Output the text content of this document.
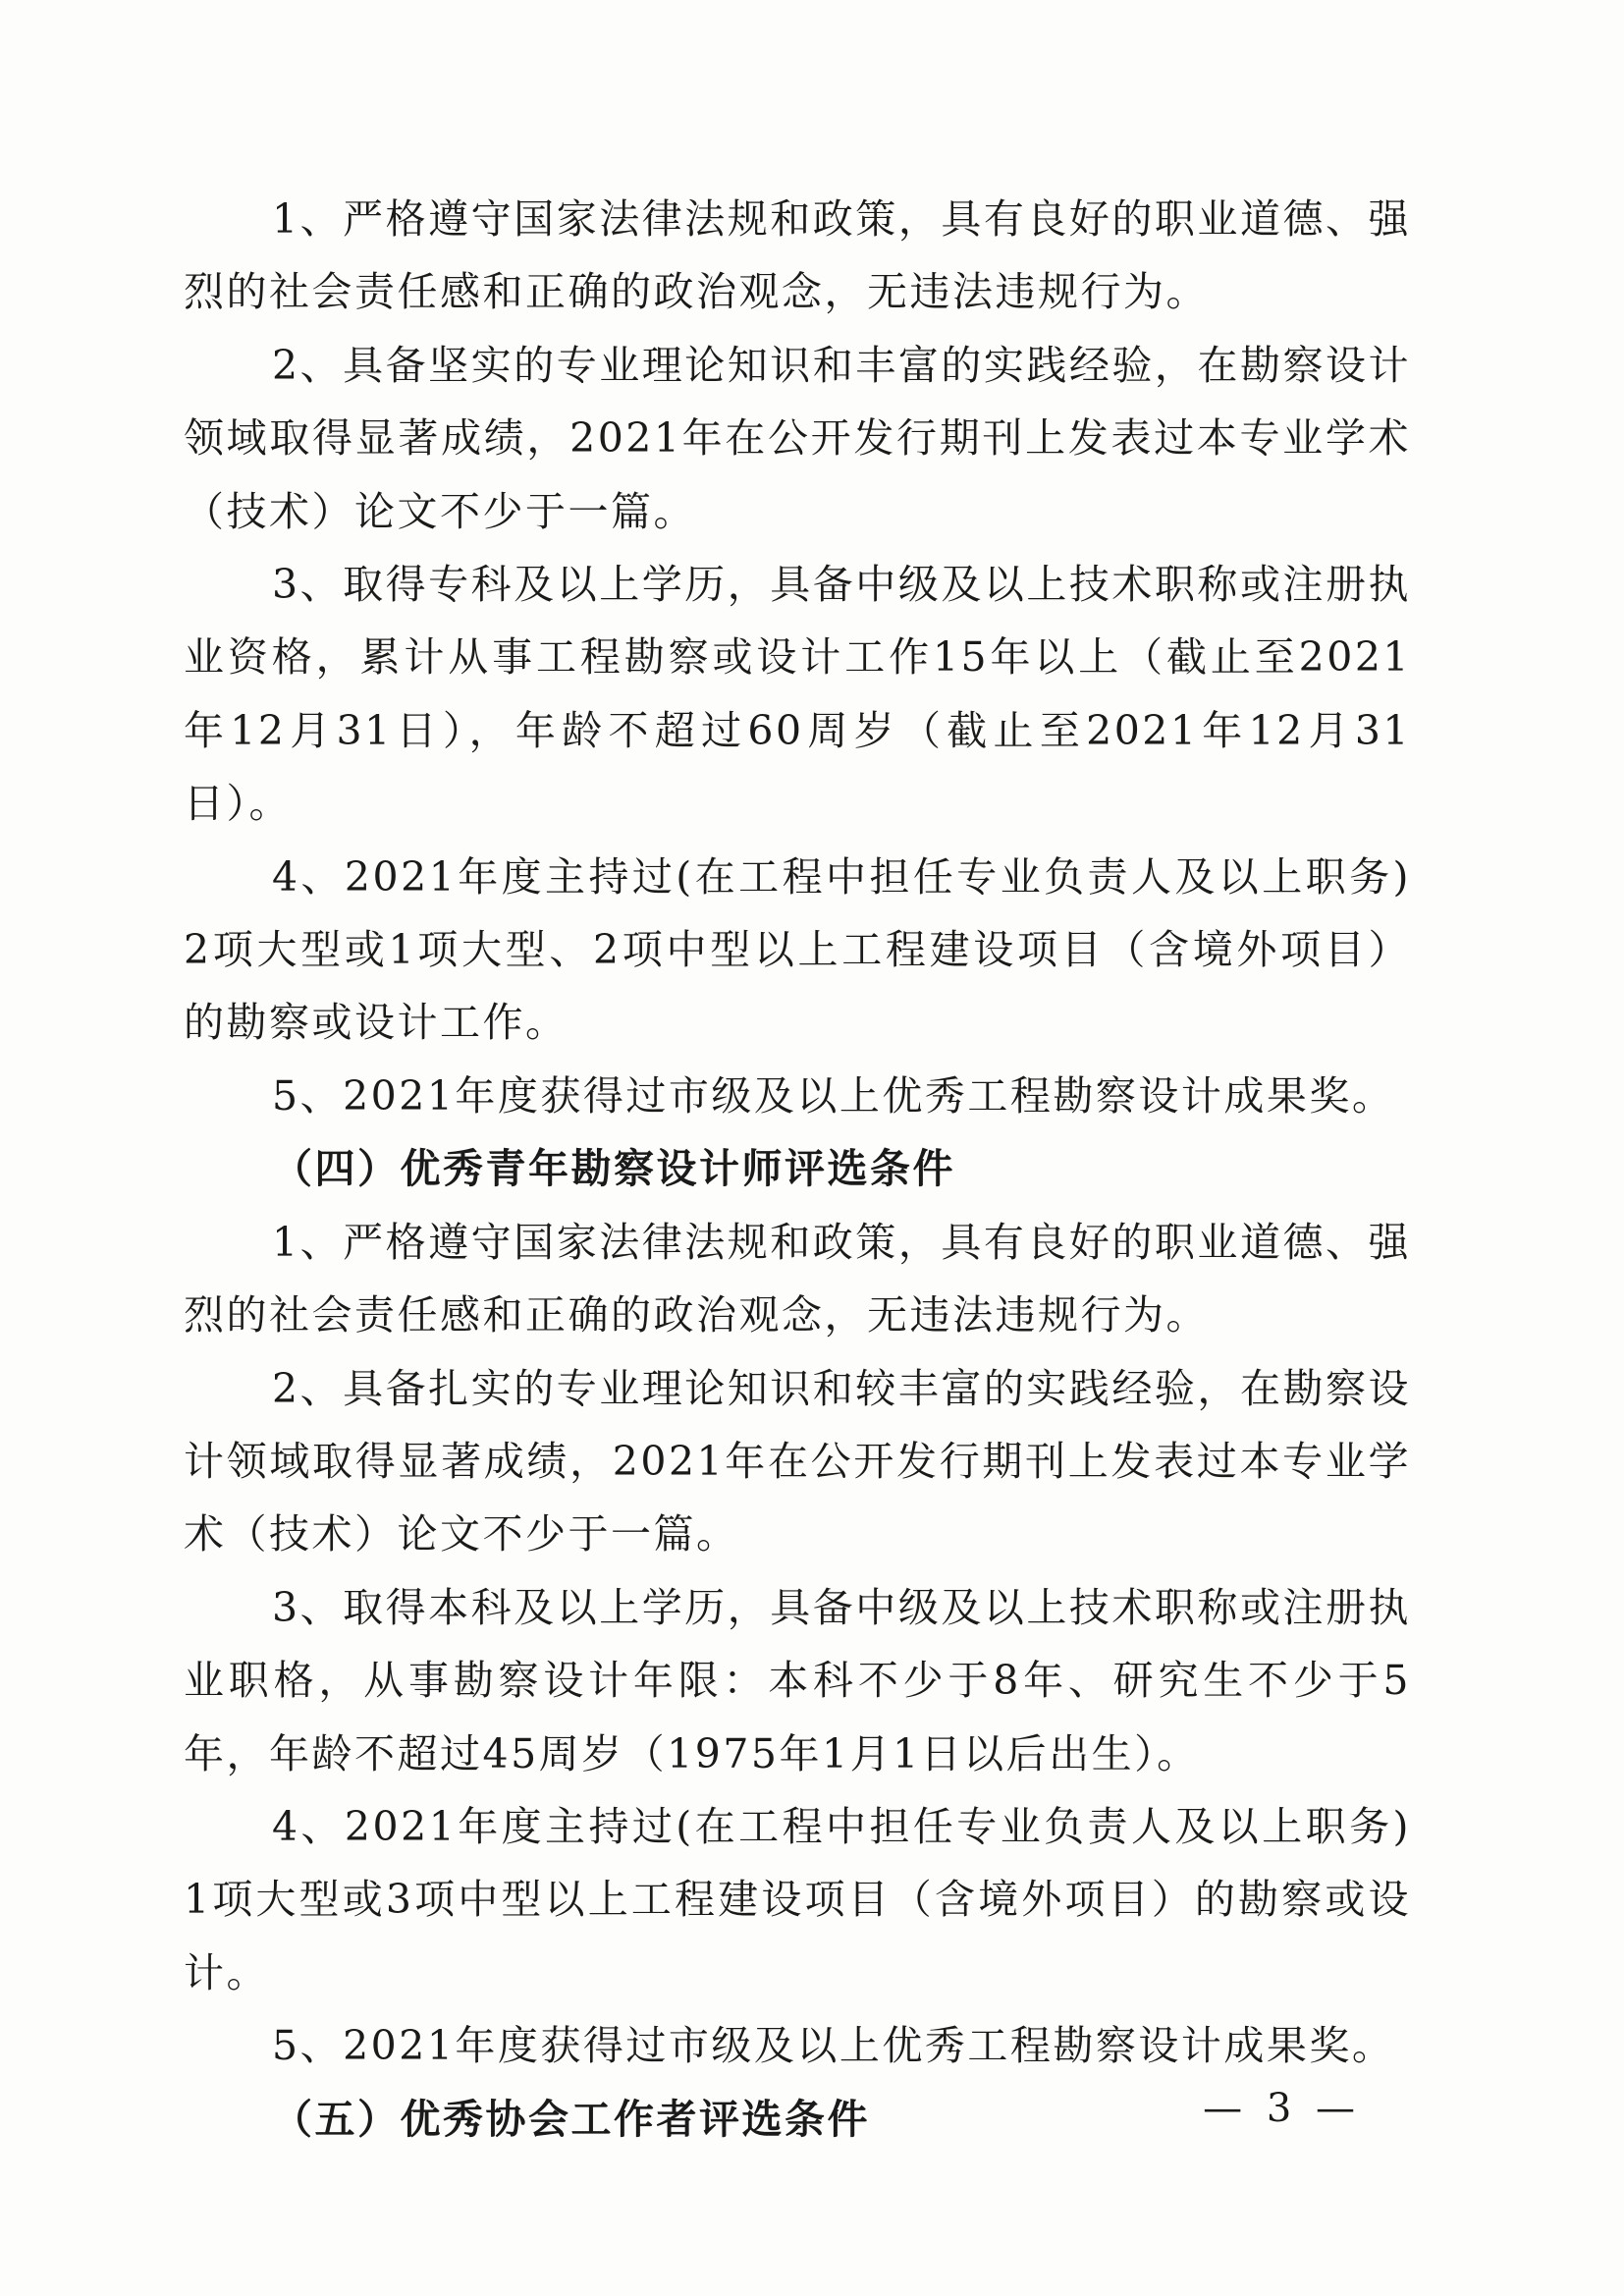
1、严格遵守国家法律法规和政策，具有良好的职业道德、强烈的社会责任感和正确的政治观念，无违法违规行为。

2、具备坚实的专业理论知识和丰富的实践经验，在勘察设计领域取得显著成绩，2021年在公开发行期刊上发表过本专业学术（技术）论文不少于一篇。

3、取得专科及以上学历，具备中级及以上技术职称或注册执业资格，累计从事工程勘察或设计工作15年以上（截止至2021年12月31日），年龄不超过60周岁（截止至2021年12月31日）。

4、2021年度主持过(在工程中担任专业负责人及以上职务)2项大型或1项大型、2项中型以上工程建设项目（含境外项目）的勘察或设计工作。

5、2021年度获得过市级及以上优秀工程勘察设计成果奖。

（四）优秀青年勘察设计师评选条件

1、严格遵守国家法律法规和政策，具有良好的职业道德、强烈的社会责任感和正确的政治观念，无违法违规行为。

2、具备扎实的专业理论知识和较丰富的实践经验，在勘察设计领域取得显著成绩，2021年在公开发行期刊上发表过本专业学术（技术）论文不少于一篇。

3、取得本科及以上学历，具备中级及以上技术职称或注册执业职格，从事勘察设计年限：本科不少于8年、研究生不少于5年，年龄不超过45周岁（1975年1月1日以后出生）。

4、2021年度主持过(在工程中担任专业负责人及以上职务)1项大型或3项中型以上工程建设项目（含境外项目）的勘察或设计。

5、2021年度获得过市级及以上优秀工程勘察设计成果奖。

（五）优秀协会工作者评选条件	— 3 —
